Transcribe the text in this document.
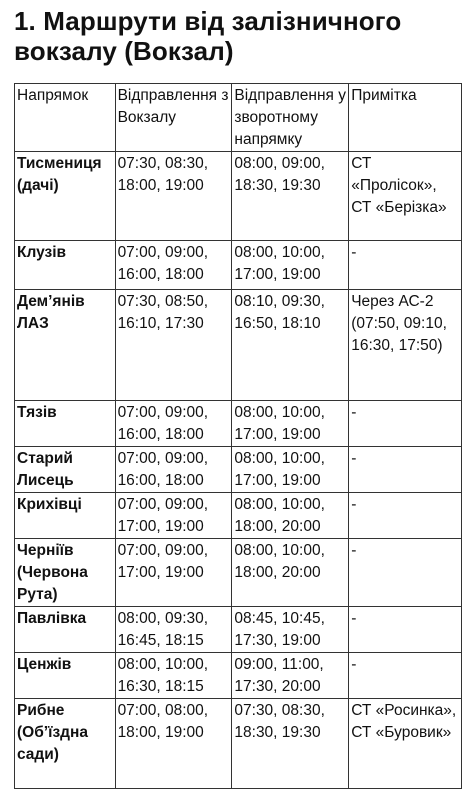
1. Маршрути від залізничного вокзалу (Вокзал)
Напрямок	Відправлення з Вокзалу	Відправлення у зворотному напрямку	Примітка
Тисмениця (дачі)	07:30, 08:30, 18:00, 19:00	08:00, 09:00, 18:30, 19:30	СТ «Пролісок», СТ «Берізка»
Клузів	07:00, 09:00, 16:00, 18:00	08:00, 10:00, 17:00, 19:00	-
Дем’янів ЛАЗ	07:30, 08:50, 16:10, 17:30	08:10, 09:30, 16:50, 18:10	Через АС-2 (07:50, 09:10, 16:30, 17:50)
Тязів	07:00, 09:00, 16:00, 18:00	08:00, 10:00, 17:00, 19:00	-
Старий Лисець	07:00, 09:00, 16:00, 18:00	08:00, 10:00, 17:00, 19:00	-
Крихівці	07:00, 09:00, 17:00, 19:00	08:00, 10:00, 18:00, 20:00	-
Черніїв (Червона Рута)	07:00, 09:00, 17:00, 19:00	08:00, 10:00, 18:00, 20:00	-
Павлівка	08:00, 09:30, 16:45, 18:15	08:45, 10:45, 17:30, 19:00	-
Ценжів	08:00, 10:00, 16:30, 18:15	09:00, 11:00, 17:30, 20:00	-
Рибне (Об’їздна сади)	07:00, 08:00, 18:00, 19:00	07:30, 08:30, 18:30, 19:30	СТ «Росинка», СТ «Буровик»
